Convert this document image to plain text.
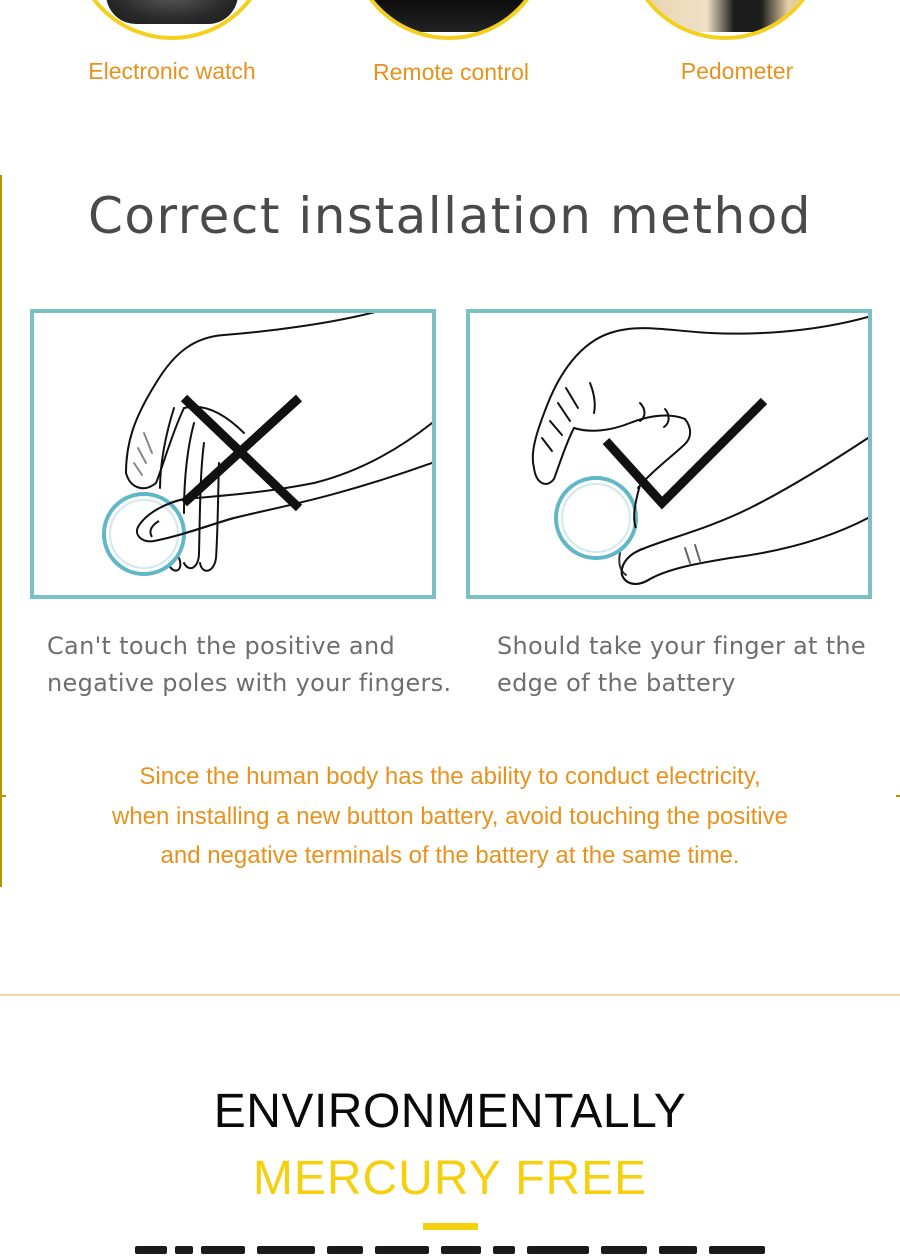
Electronic watch	Remote control	Pedometer
Correct installation method
Can't touch the positive and
negative poles with your fingers.
Should take your finger at the
edge of the battery
Since the human body has the ability to conduct electricity,
when installing a new button battery, avoid touching the positive
and negative terminals of the battery at the same time.
ENVIRONMENTALLY
MERCURY FREE
